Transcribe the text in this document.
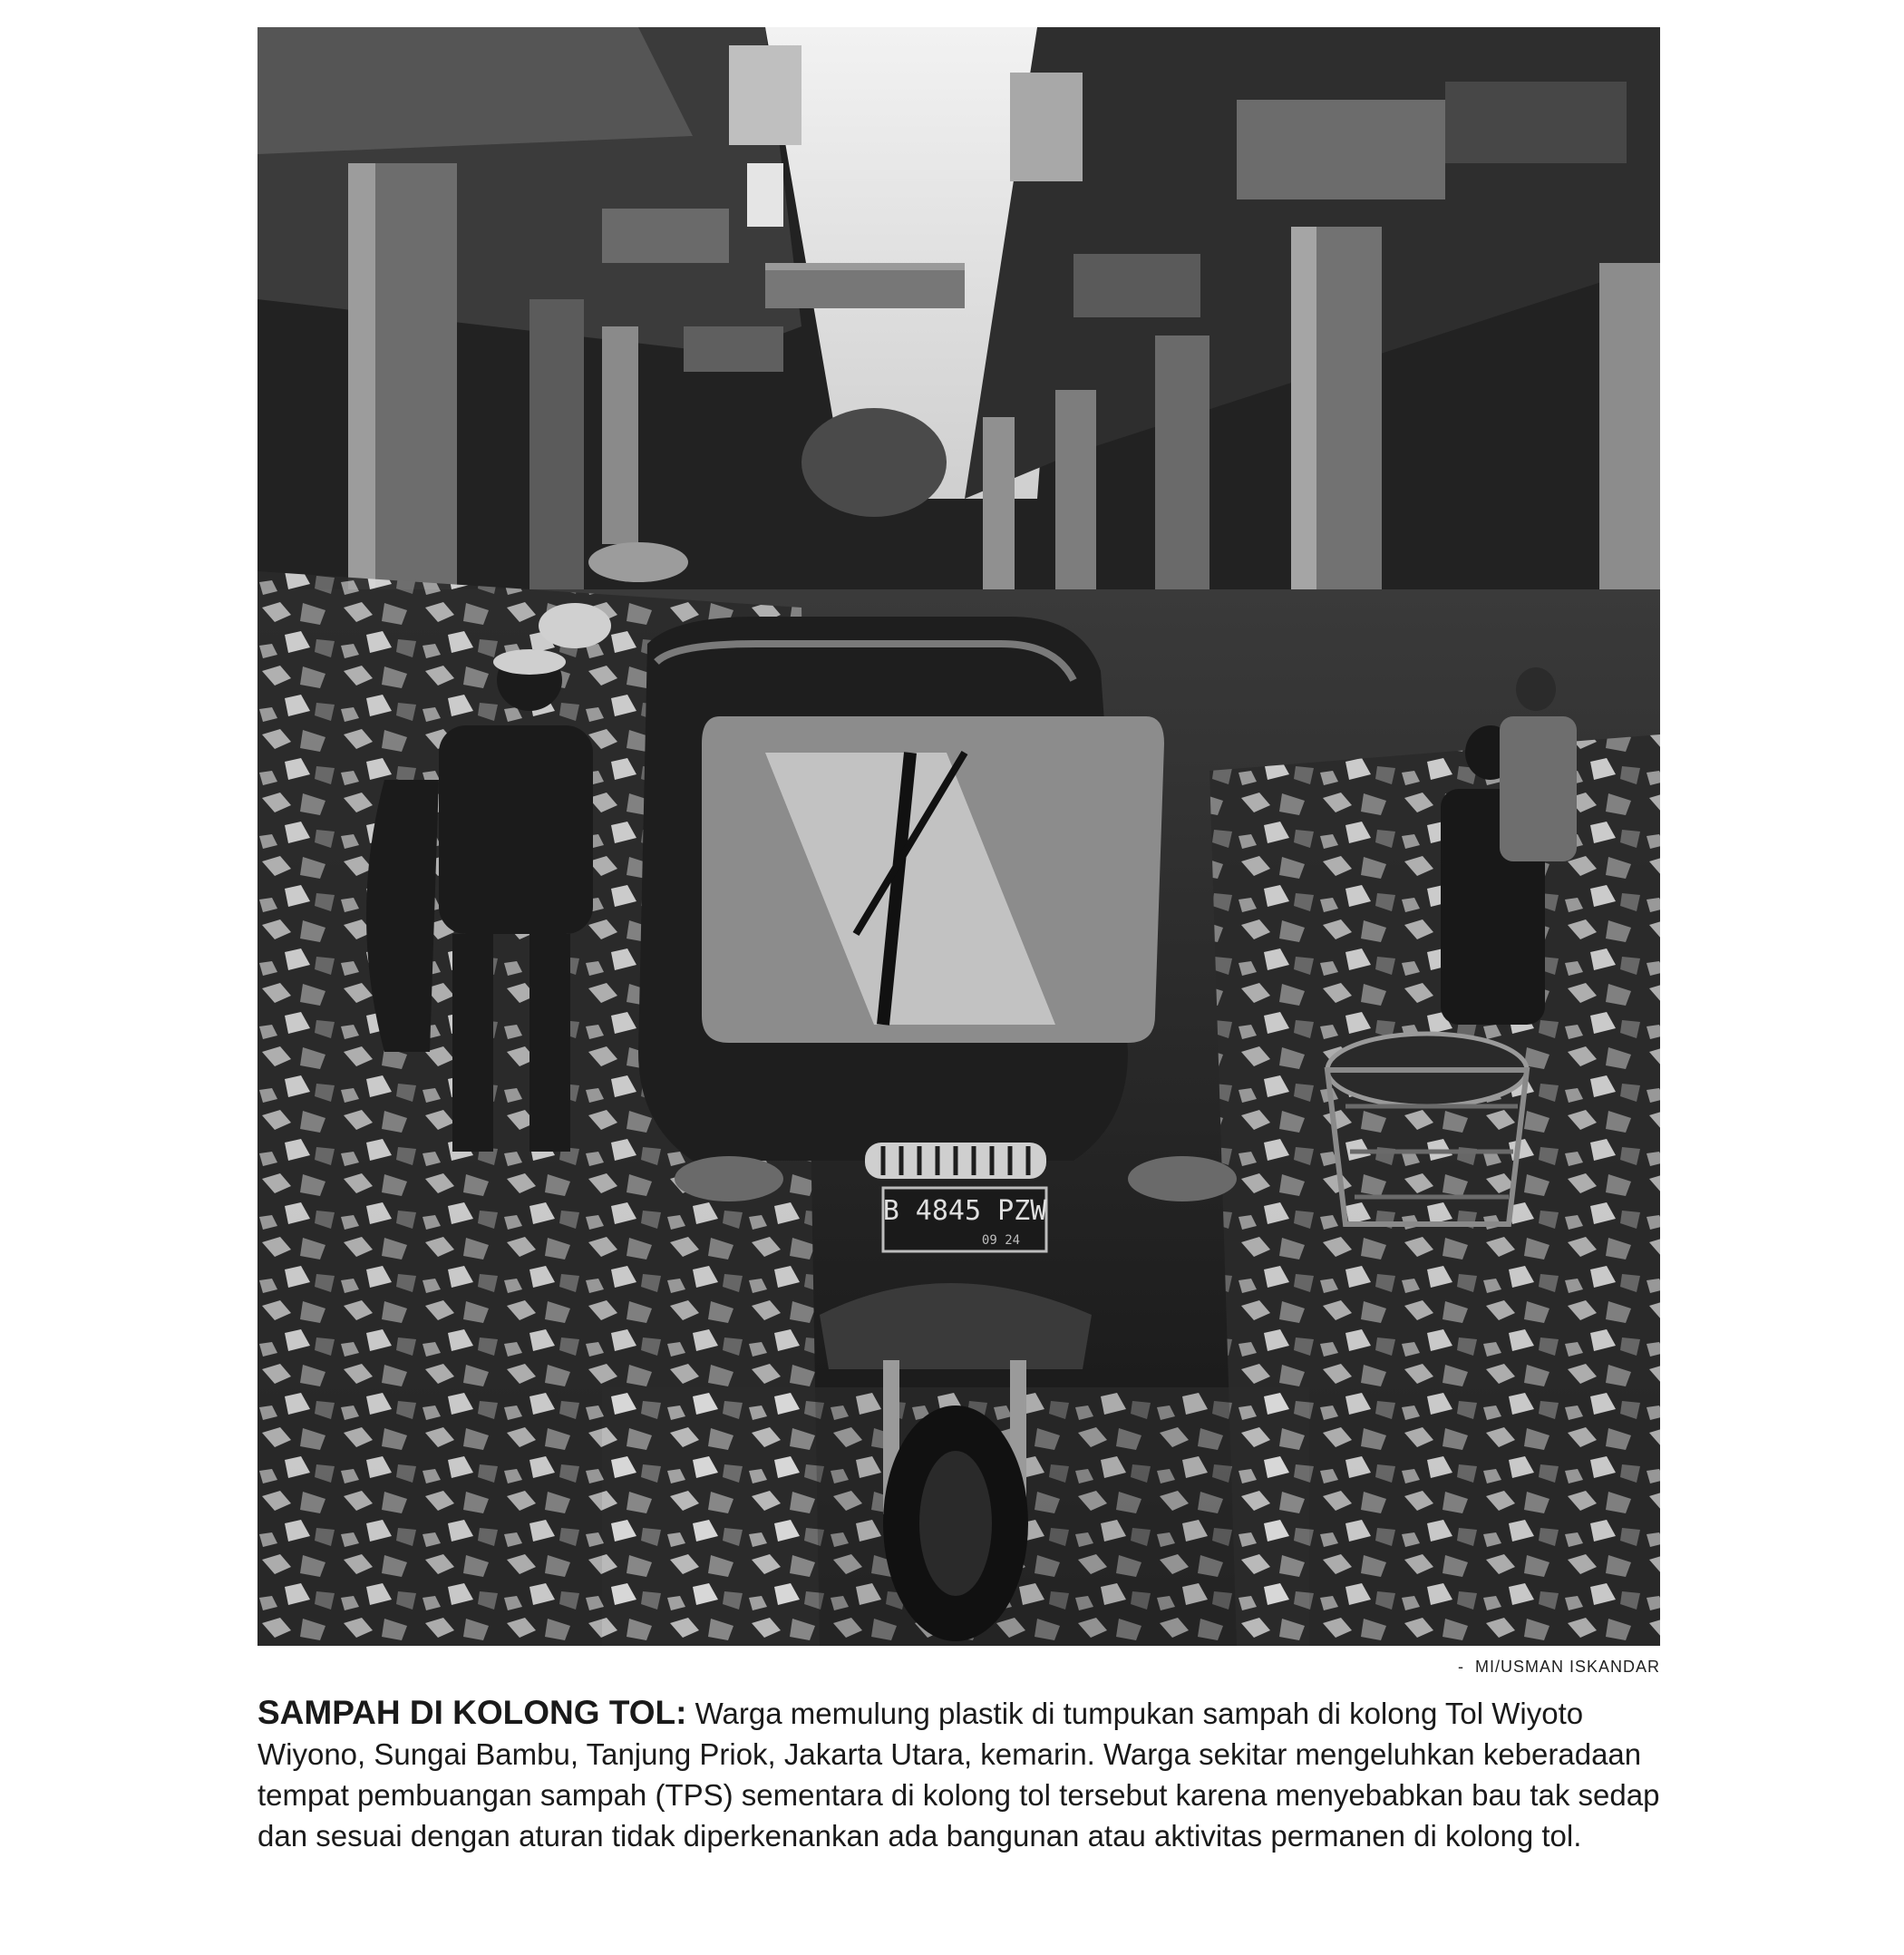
B 4845 PZW
09 24
-  MI/USMAN ISKANDAR
SAMPAH DI KOLONG TOL: Warga memulung plastik di tumpukan sampah di kolong Tol Wiyoto Wiyono, Sungai Bambu, Tanjung Priok, Jakarta Utara, kemarin. Warga sekitar mengeluhkan keberadaan tempat pembuangan sampah (TPS) sementara di kolong tol tersebut karena menyebabkan bau tak sedap dan sesuai dengan aturan tidak diperkenankan ada bangunan atau aktivitas permanen di kolong tol.
